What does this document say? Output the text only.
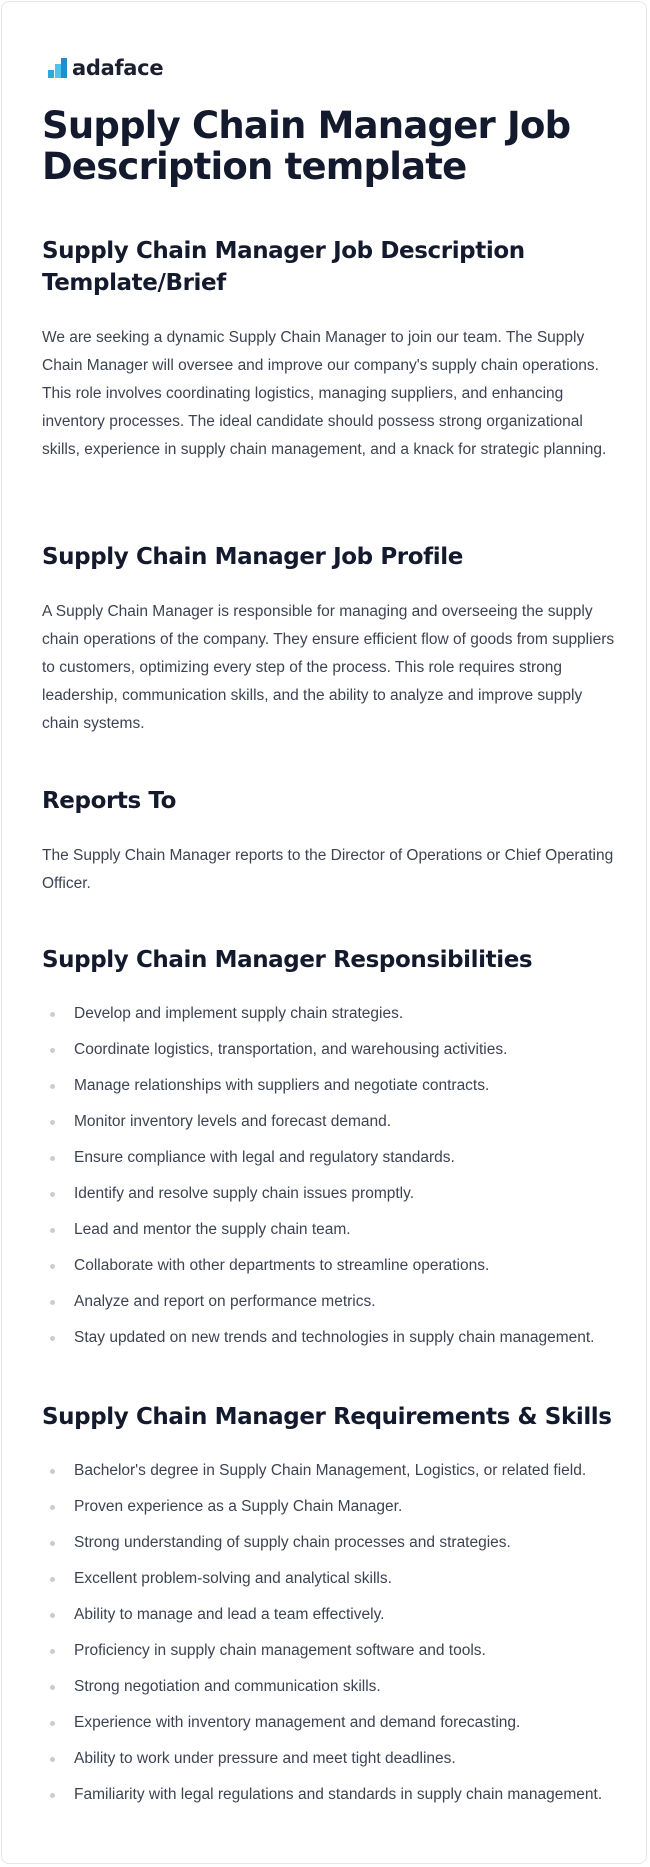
adaface
Supply Chain Manager Job Description template
Supply Chain Manager Job Description Template/Brief

We are seeking a dynamic Supply Chain Manager to join our team. The Supply Chain Manager will oversee and improve our company's supply chain operations. This role involves coordinating logistics, managing suppliers, and enhancing inventory processes. The ideal candidate should possess strong organizational skills, experience in supply chain management, and a knack for strategic planning.

Supply Chain Manager Job Profile

A Supply Chain Manager is responsible for managing and overseeing the supply chain operations of the company. They ensure efficient flow of goods from suppliers to customers, optimizing every step of the process. This role requires strong leadership, communication skills, and the ability to analyze and improve supply chain systems.

Reports To

The Supply Chain Manager reports to the Director of Operations or Chief Operating Officer.

Supply Chain Manager Responsibilities
Develop and implement supply chain strategies.
Coordinate logistics, transportation, and warehousing activities.
Manage relationships with suppliers and negotiate contracts.
Monitor inventory levels and forecast demand.
Ensure compliance with legal and regulatory standards.
Identify and resolve supply chain issues promptly.
Lead and mentor the supply chain team.
Collaborate with other departments to streamline operations.
Analyze and report on performance metrics.
Stay updated on new trends and technologies in supply chain management.
Supply Chain Manager Requirements & Skills
Bachelor's degree in Supply Chain Management, Logistics, or related field.
Proven experience as a Supply Chain Manager.
Strong understanding of supply chain processes and strategies.
Excellent problem-solving and analytical skills.
Ability to manage and lead a team effectively.
Proficiency in supply chain management software and tools.
Strong negotiation and communication skills.
Experience with inventory management and demand forecasting.
Ability to work under pressure and meet tight deadlines.
Familiarity with legal regulations and standards in supply chain management.
